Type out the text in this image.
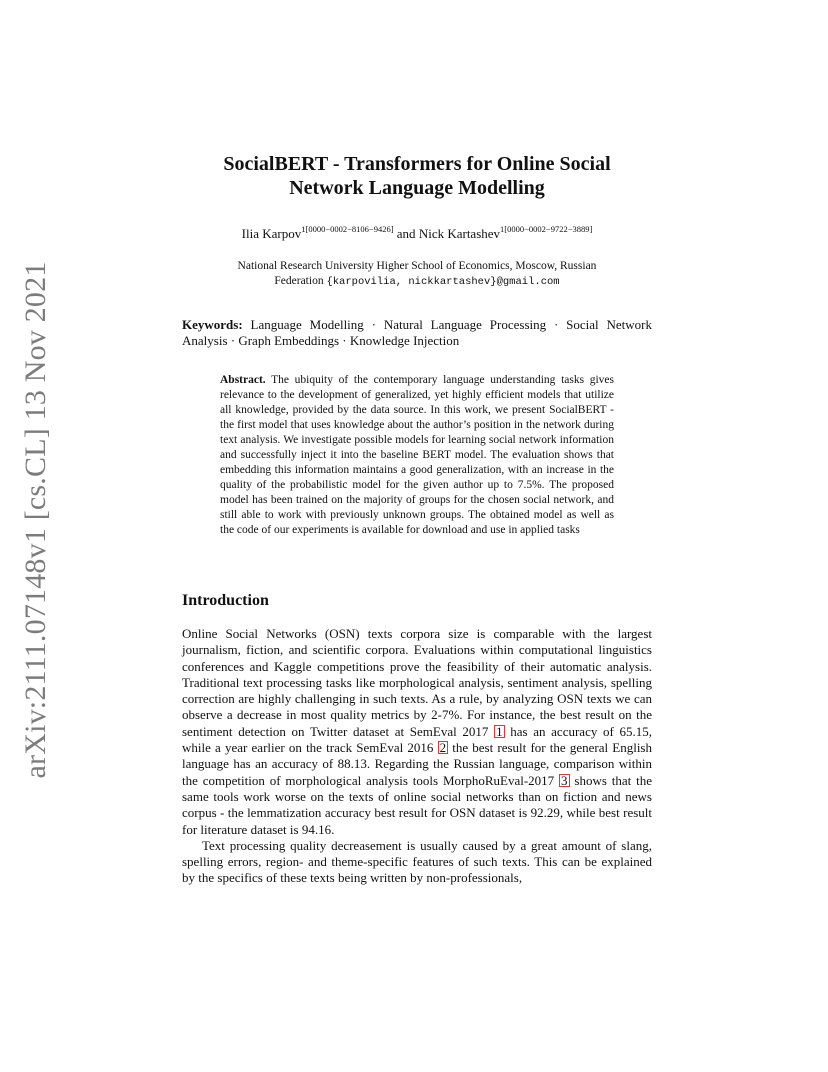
arXiv:2111.07148v1 [cs.CL] 13 Nov 2021
SocialBERT - Transformers for Online Social
Network Language Modelling
Ilia Karpov$^{1[0000-0002-8106-9426]}$ and Nick Kartashev$^{1[0000-0002-9722-3889]}$
National Research University Higher School of Economics, Moscow, Russian
Federation {karpovilia, nickkartashev}@gmail.com
Keywords: Language Modelling · Natural Language Processing · Social Network Analysis · Graph Embeddings · Knowledge Injection
Abstract. The ubiquity of the contemporary language understanding tasks gives relevance to the development of generalized, yet highly efficient models that utilize all knowledge, provided by the data source. In this work, we present SocialBERT - the first model that uses knowledge about the author’s position in the network during text analysis. We investigate possible models for learning social network information and successfully inject it into the baseline BERT model. The evaluation shows that embedding this information maintains a good generalization, with an increase in the quality of the probabilistic model for the given author up to 7.5%. The proposed model has been trained on the majority of groups for the chosen social network, and still able to work with previously unknown groups. The obtained model as well as the code of our experiments is available for download and use in applied tasks
Introduction

Online Social Networks (OSN) texts corpora size is comparable with the largest journalism, fiction, and scientific corpora. Evaluations within computational linguistics conferences and Kaggle competitions prove the feasibility of their automatic analysis. Traditional text processing tasks like morphological analysis, sentiment analysis, spelling correction are highly challenging in such texts. As a rule, by analyzing OSN texts we can observe a decrease in most quality metrics by 2-7%. For instance, the best result on the sentiment detection on Twitter dataset at SemEval 2017 1 has an accuracy of 65.15, while a year earlier on the track SemEval 2016 2 the best result for the general English language has an accuracy of 88.13. Regarding the Russian language, comparison within the competition of morphological analysis tools MorphoRuEval-2017 3 shows that the same tools work worse on the texts of online social networks than on fiction and news corpus - the lemmatization accuracy best result for OSN dataset is 92.29, while best result for literature dataset is 94.16.

Text processing quality decreasement is usually caused by a great amount of slang, spelling errors, region- and theme-specific features of such texts. This can be explained by the specifics of these texts being written by non-professionals,
